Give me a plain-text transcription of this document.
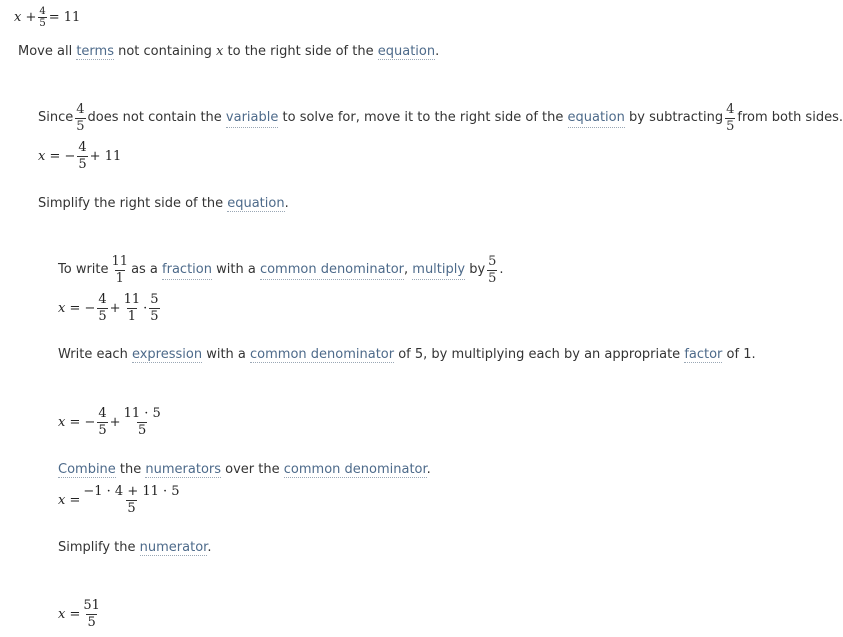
x
+ $\frac{4}{5} = 11$
Move all terms not containing x to the right side of the equation.
Since $\frac{4}{5}$ does not contain the variable to solve for, move it to the right side of the equation by subtracting $\frac{4}{5}$ from both sides.
x = − $\frac{4}{5} + 11$
Simplify the right side of the equation.
To write $\frac{11}{1}$ as a fraction with a common denominator , multiply by $\frac{5}{5}$ .
x = − $\frac{4}{5} + \frac{11}{1} \cdot \frac{5}{5}$
Write each expression with a common denominator of 5, by multiplying each by an appropriate factor of 1.
x = − $\frac{4}{5} + \frac{11 \cdot 5}{5}$
Combine the numerators over the common denominator.
$x = \frac{-1 \cdot 4 + 11 \cdot 5}{5}$
Simplify the numerator.
$x = \frac{51}{5}$
